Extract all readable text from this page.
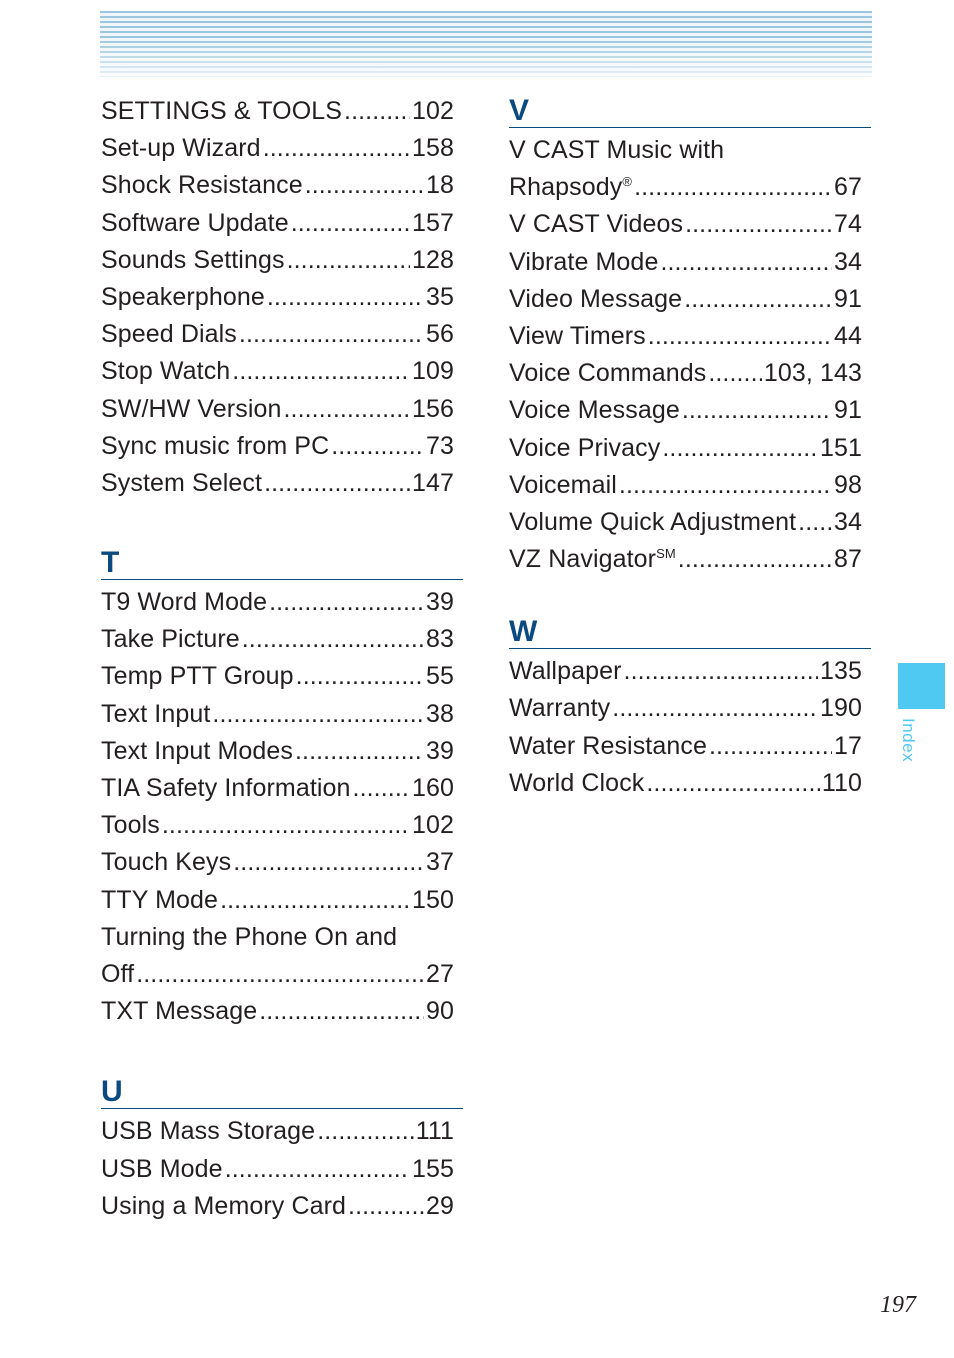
SETTINGS & TOOLS .....	102
Set-up Wizard .....	158
Shock Resistance .....	18
Software Update .....	157
Sounds Settings .....	128
Speakerphone .....	35
Speed Dials .....	56
Stop Watch .....	109
SW/HW Version .....	156
Sync music from PC .....	73
System Select .....	147
T
T9 Word Mode .....	39
Take Picture .....	83
Temp PTT Group .....	55
Text Input .....	38
Text Input Modes .....	39
TIA Safety Information ..... 160
Tools .....	102
Touch Keys .....	37
TTY Mode .....	150
Turning the Phone On and
Off .....	27
TXT Message .....	90
U
USB Mass Storage .....	111
USB Mode .....	155
Using a Memory Card .....	29
V
V CAST Music with
Rhapsody® .....	67
V CAST Videos .....	74
Vibrate Mode .....	34
Video Message .....	91
View Timers .....	44
Voice Commands ..... 103, 143
Voice Message .....	91
Voice Privacy .....	151
Voicemail .....	98
Volume Quick Adjustment ..... 34
VZ Navigator℠ .....	87
W
Wallpaper .....	135
Warranty .....	190
Water Resistance .....	17
World Clock .....	110
Index
197
